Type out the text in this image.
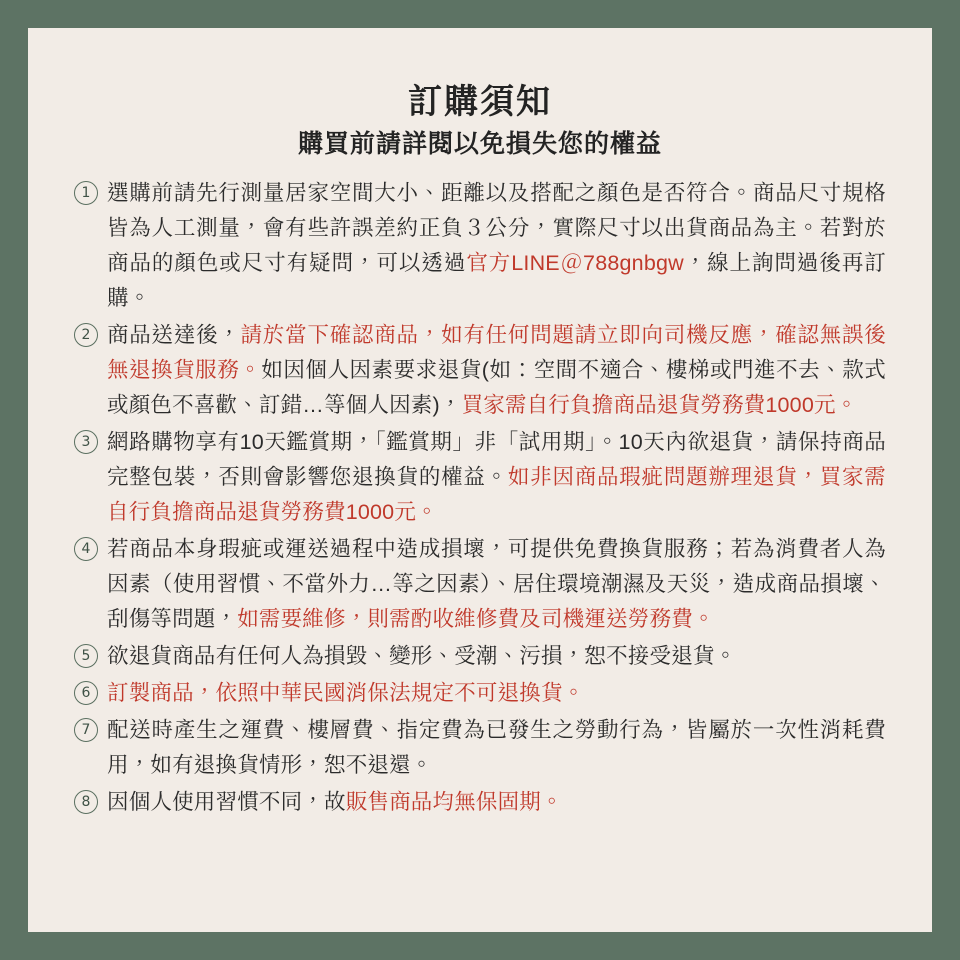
訂購須知
購買前請詳閱以免損失您的權益
1 選購前請先行測量居家空間大小、距離以及搭配之顏色是否符合。商品尺寸規格皆為人工測量，會有些許誤差約正負３公分，實際尺寸以出貨商品為主。若對於商品的顏色或尺寸有疑問，可以透過官方LINE＠788gnbgw，線上詢問過後再訂購。
2 商品送達後，請於當下確認商品，如有任何問題請立即向司機反應，確認無誤後無退換貨服務。如因個人因素要求退貨(如：空間不適合、樓梯或門進不去、款式或顏色不喜歡、訂錯…等個人因素)，買家需自行負擔商品退貨勞務費1000元。
3 網路購物享有10天鑑賞期，「鑑賞期」非「試用期」。10天內欲退貨，請保持商品完整包裝，否則會影響您退換貨的權益。如非因商品瑕疵問題辦理退貨，買家需自行負擔商品退貨勞務費1000元。
4 若商品本身瑕疵或運送過程中造成損壞，可提供免費換貨服務；若為消費者人為因素（使用習慣、不當外力…等之因素）、居住環境潮濕及天災，造成商品損壞、刮傷等問題，如需要維修，則需酌收維修費及司機運送勞務費。
5 欲退貨商品有任何人為損毀、變形、受潮、污損，恕不接受退貨。
6 訂製商品，依照中華民國消保法規定不可退換貨。
7 配送時產生之運費、樓層費、指定費為已發生之勞動行為，皆屬於一次性消耗費用，如有退換貨情形，恕不退還。
8 因個人使用習慣不同，故販售商品均無保固期。
